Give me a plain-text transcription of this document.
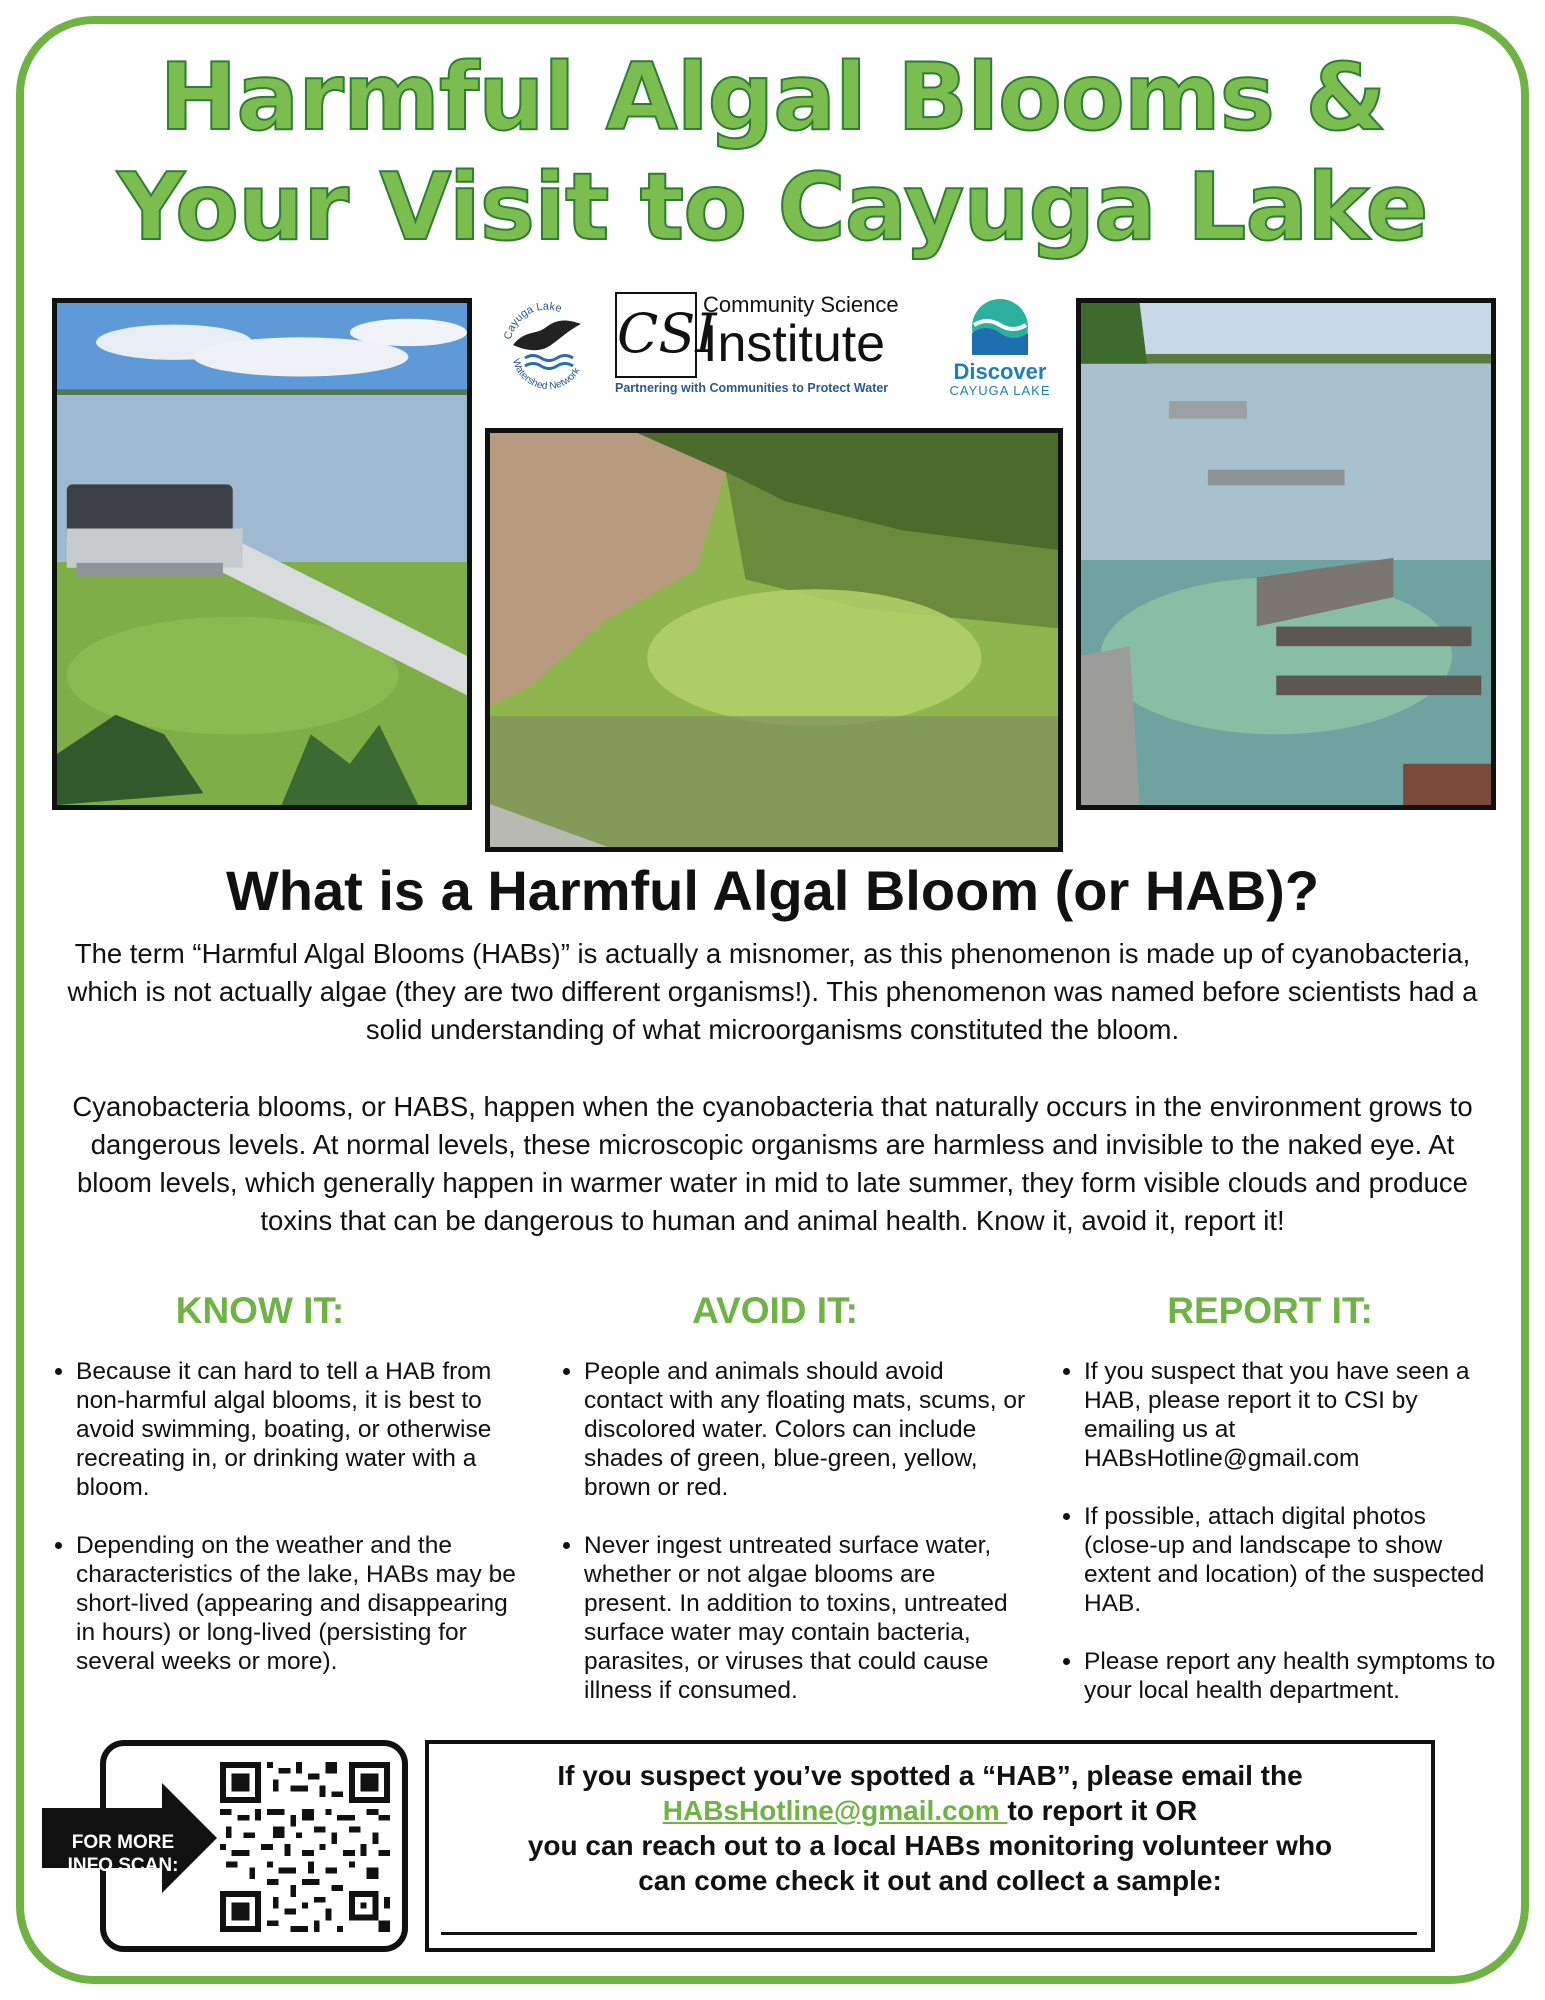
Harmful Algal Blooms &
Your Visit to Cayuga Lake
Cayuga Lake
Watershed Network
CSI
Community Science
Institute
Partnering with Communities to Protect Water
Discover
CAYUGA LAKE
What is a Harmful Algal Bloom (or HAB)?
The term “Harmful Algal Blooms (HABs)” is actually a misnomer, as this phenomenon is made up of cyanobacteria, which is not actually algae (they are two different organisms!). This phenomenon was named before scientists had a solid understanding of what microorganisms constituted the bloom.
Cyanobacteria blooms, or HABS, happen when the cyanobacteria that naturally occurs in the environment grows to dangerous levels. At normal levels, these microscopic organisms are harmless and invisible to the naked eye. At bloom levels, which generally happen in warmer water in mid to late summer, they form visible clouds and produce toxins that can be dangerous to human and animal health. Know it, avoid it, report it!
KNOW IT:
• Because it can hard to tell a HAB from non-harmful algal blooms, it is best to avoid swimming, boating, or otherwise recreating in, or drinking water with a bloom.
• Depending on the weather and the characteristics of the lake, HABs may be short-lived (appearing and disappearing in hours) or long-lived (persisting for several weeks or more).
AVOID IT:
• People and animals should avoid contact with any floating mats, scums, or discolored water. Colors can include shades of green, blue-green, yellow, brown or red.
• Never ingest untreated surface water, whether or not algae blooms are present. In addition to toxins, untreated surface water may contain bacteria, parasites, or viruses that could cause illness if consumed.
REPORT IT:
• If you suspect that you have seen a HAB, please report it to CSI by emailing us at HABsHotline@gmail.com
• If possible, attach digital photos (close-up and landscape to show extent and location) of the suspected HAB.
• Please report any health symptoms to your local health department.
FOR MORE
INFO SCAN:
If you suspect you’ve spotted a “HAB”, please email the
HABsHotline@gmail.com to report it OR
you can reach out to a local HABs monitoring volunteer who
can come check it out and collect a sample:
